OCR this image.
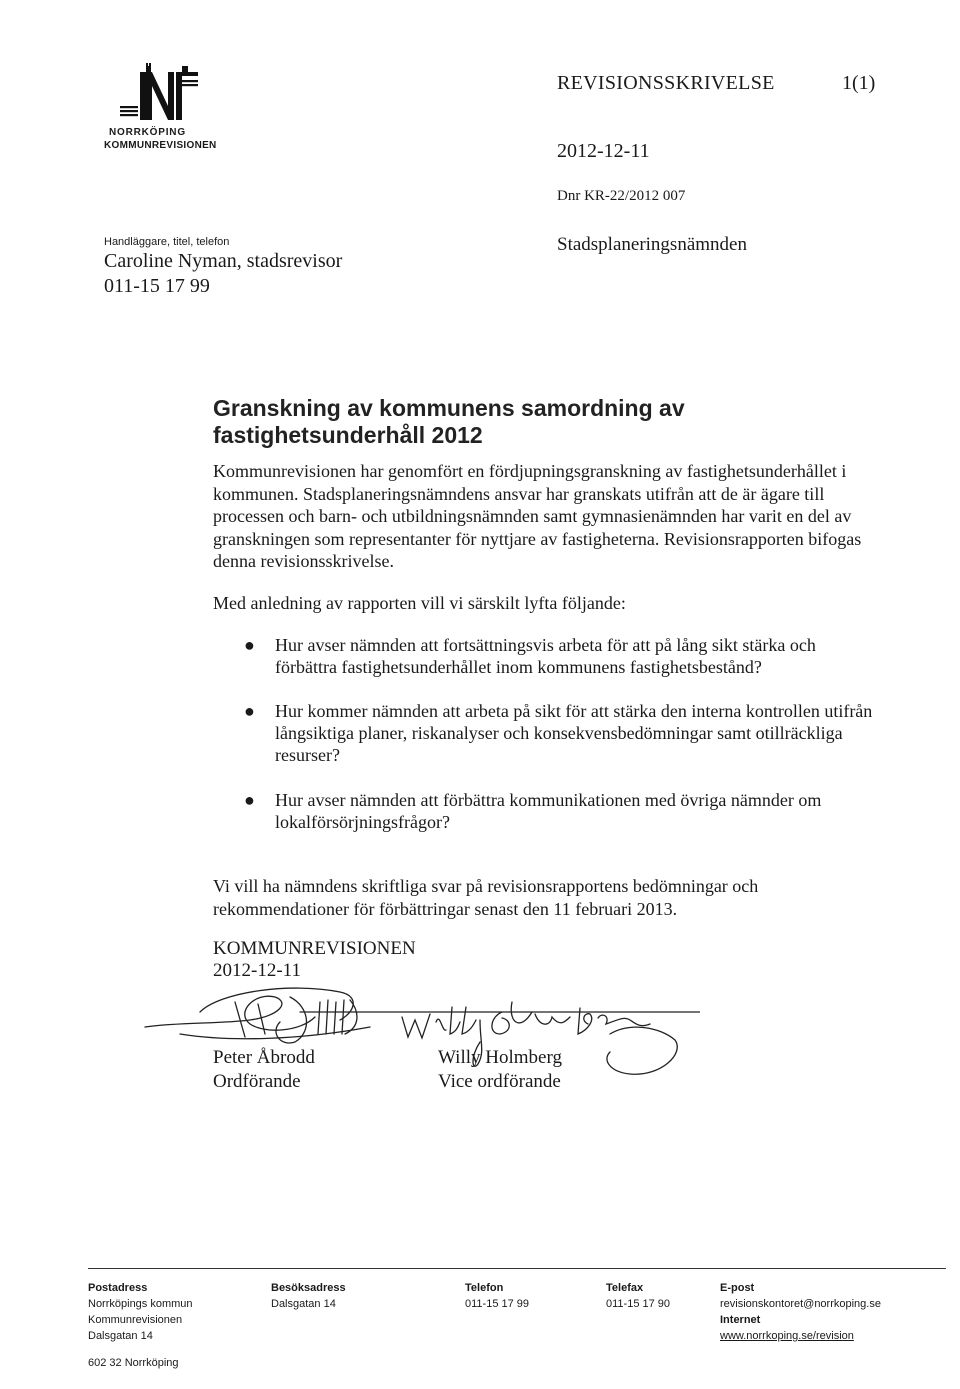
NORRKÖPING
KOMMUNREVISIONEN
REVISIONSSKRIVELSE	1(1)
2012-12-11
Dnr KR-22/2012 007
Stadsplaneringsnämnden
Handläggare, titel, telefon
Caroline Nyman, stadsrevisor
011-15 17 99
Granskning av kommunens samordning av fastighetsunderhåll 2012
Kommunrevisionen har genomfört en fördjupningsgranskning av fastighetsunderhållet i kommunen. Stadsplaneringsnämndens ansvar har granskats utifrån att de är ägare till processen och barn- och utbildningsnämnden samt gymnasienämnden har varit en del av granskningen som representanter för nyttjare av fastigheterna. Revisionsrapporten bifogas denna revisionsskrivelse.
Med anledning av rapporten vill vi särskilt lyfta följande:
● Hur avser nämnden att fortsättningsvis arbeta för att på lång sikt stärka och förbättra fastighetsunderhållet inom kommunens fastighetsbestånd?
● Hur kommer nämnden att arbeta på sikt för att stärka den interna kontrollen utifrån långsiktiga planer, riskanalyser och konsekvensbedömningar samt otillräckliga resurser?
● Hur avser nämnden att förbättra kommunikationen med övriga nämnder om lokalförsörjningsfrågor?
Vi vill ha nämndens skriftliga svar på revisionsrapportens bedömningar och rekommendationer för förbättringar senast den 11 februari 2013.
KOMMUNREVISIONEN
2012-12-11
Peter Åbrodd
Ordförande
Willy Holmberg
Vice ordförande
Postadress
Norrköpings kommun
Kommunrevisionen
Dalsgatan 14
602 32 Norrköping
Besöksadress
Dalsgatan 14
Telefon
011-15 17 99
Telefax
011-15 17 90
E-post
revisionskontoret@norrkoping.se
Internet
www.norrkoping.se/revision
